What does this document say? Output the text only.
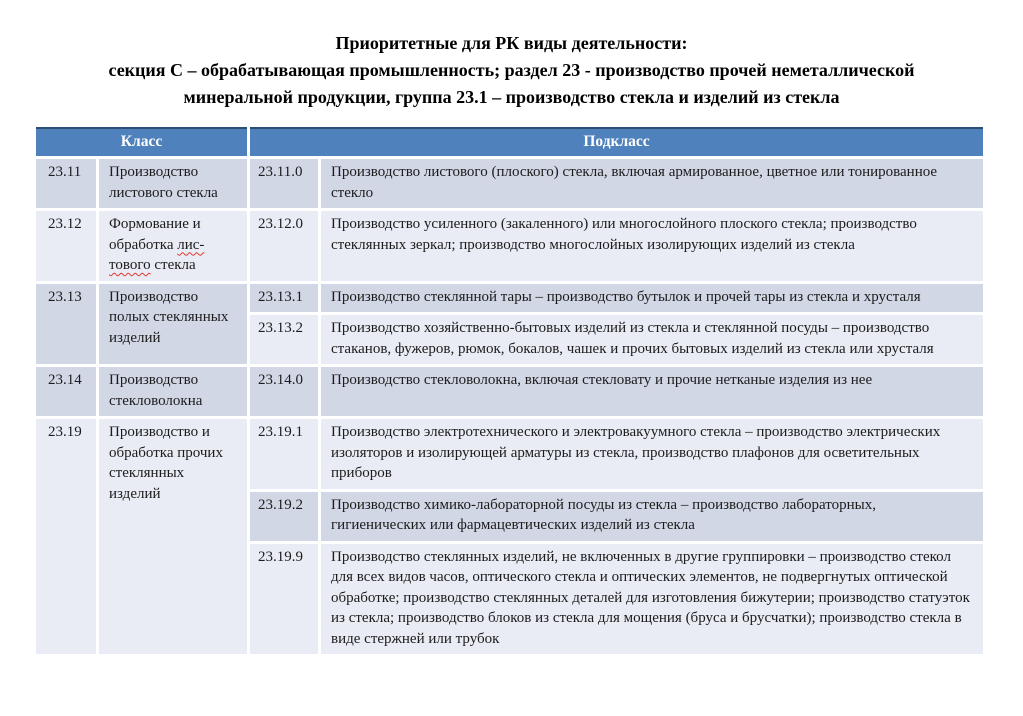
Приоритетные для РК виды деятельности:
секция C – обрабатывающая промышленность; раздел 23 - производство прочей неметаллической
минеральной продукции, группа 23.1 – производство стекла и изделий из стекла
Класс		Подкласс	
23.11	Производство листового стекла	23.11.0	Производство листового (плоского) стекла, включая армированное, цветное или тонированное стекло
23.12	Формование и обработка лис-тового стекла	23.12.0	Производство усиленного (закаленного) или многослойного плоского стекла; производство стеклянных зеркал; производство многослойных изолирующих изделий из стекла
23.13	Производство полых стеклянных изделий	23.13.1	Производство стеклянной тары – производство бутылок и прочей тары из стекла и хрусталя
		23.13.2	Производство хозяйственно-бытовых изделий из стекла и стеклянной посуды – производство стаканов, фужеров, рюмок, бокалов, чашек и прочих бытовых изделий из стекла или хрусталя
23.14	Производство стекловолокна	23.14.0	Производство стекловолокна, включая стекловату и прочие нетканые изделия из нее
23.19	Производство и обработка прочих стеклянных изделий	23.19.1	Производство электротехнического и электровакуумного стекла – производство электрических изоляторов и изолирующей арматуры из стекла, производство плафонов для осветительных приборов
		23.19.2	Производство химико-лабораторной посуды из стекла – производство лабораторных, гигиенических или фармацевтических изделий из стекла
		23.19.9	Производство стеклянных изделий, не включенных в другие группировки – производство стекол для всех видов часов, оптического стекла и оптических элементов, не подвергнутых оптической обработке; производство стеклянных деталей для изготовления бижутерии; производство статуэток из стекла; производство блоков из стекла для мощения (бруса и брусчатки); производство стекла в виде стержней или трубок
